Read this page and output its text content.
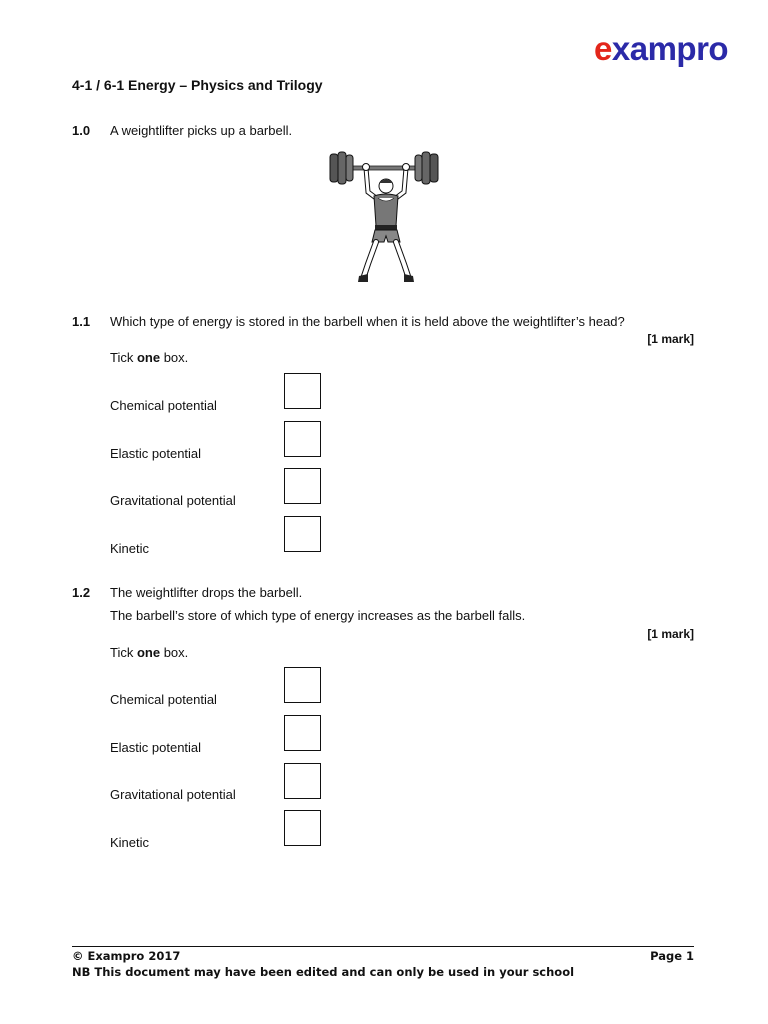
exampro
4-1 / 6-1 Energy – Physics and Trilogy
1.0 A weightlifter picks up a barbell.
1.1 Which type of energy is stored in the barbell when it is held above the weightlifter’s head?
[1 mark]
Tick one box.
Chemical potential
Elastic potential
Gravitational potential
Kinetic
1.2 The weightlifter drops the barbell.
The barbell’s store of which type of energy increases as the barbell falls.
[1 mark]
Tick one box.
Chemical potential
Elastic potential
Gravitational potential
Kinetic
© Exampro 2017	Page 1
NB This document may have been edited and can only be used in your school
